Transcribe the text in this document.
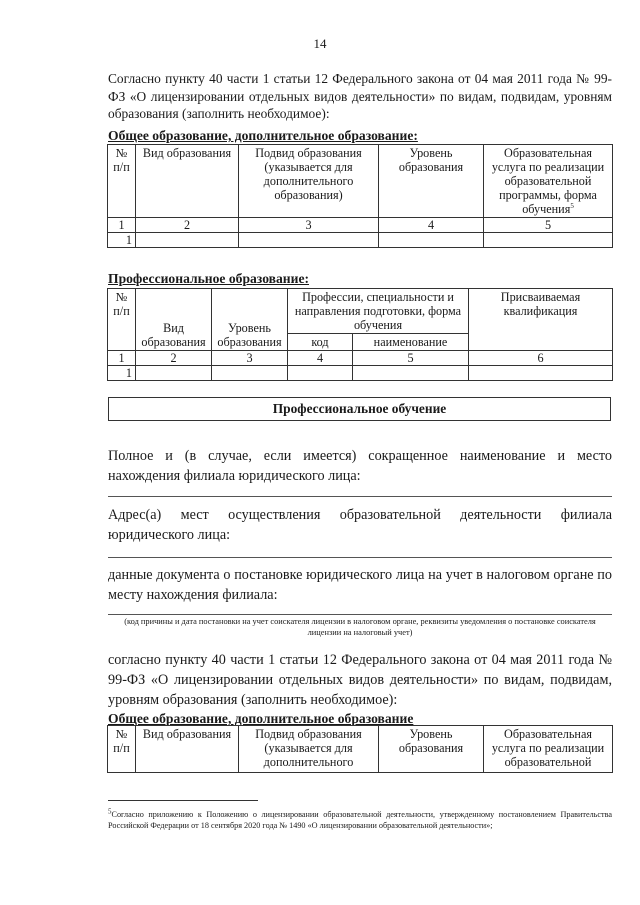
14

Согласно пункту 40 части 1 статьи 12 Федерального закона от 04 мая 2011 года № 99-ФЗ «О лицензировании отдельных видов деятельности» по видам, подвидам, уровням образования (заполнить необходимое):

Общее образование, дополнительное образование:

№ п/п	Вид образования	Подвид образования (указывается для дополнительного образования)	Уровень образования	Образовательная услуга по реализации образовательной программы, форма обучения$^5$
1	2	3	4	5
1				

Профессиональное образование:

№ п/п	Вид образования	Уровень образования	Профессии, специальности и направления подготовки, форма обучения		Присваиваемая квалификация
			код	наименование	
1	2	3	4	5	6
1					
Профессиональное обучение

Полное и (в случае, если имеется) сокращенное наименование и место нахождения филиала юридического лица:

Адрес(а) мест осуществления образовательной деятельности филиала юридического лица:

данные документа о постановке юридического лица на учет в налоговом органе по месту нахождения филиала:

(код причины и дата постановки на учет соискателя лицензии в налоговом органе, реквизиты уведомления о постановке соискателя лицензии на налоговый учет)

согласно пункту 40 части 1 статьи 12 Федерального закона от 04 мая 2011 года № 99-ФЗ «О лицензировании отдельных видов деятельности» по видам, подвидам, уровням образования (заполнить необходимое):

Общее образование, дополнительное образование

№ п/п	Вид образования	Подвид образования (указывается для дополнительного	Уровень образования	Образовательная услуга по реализации образовательной

$^5$Согласно приложению к Положению о лицензировании образовательной деятельности, утвержденному постановлением Правительства Российской Федерации от 18 сентября 2020 года № 1490 «О лицензировании образовательной деятельности»;
